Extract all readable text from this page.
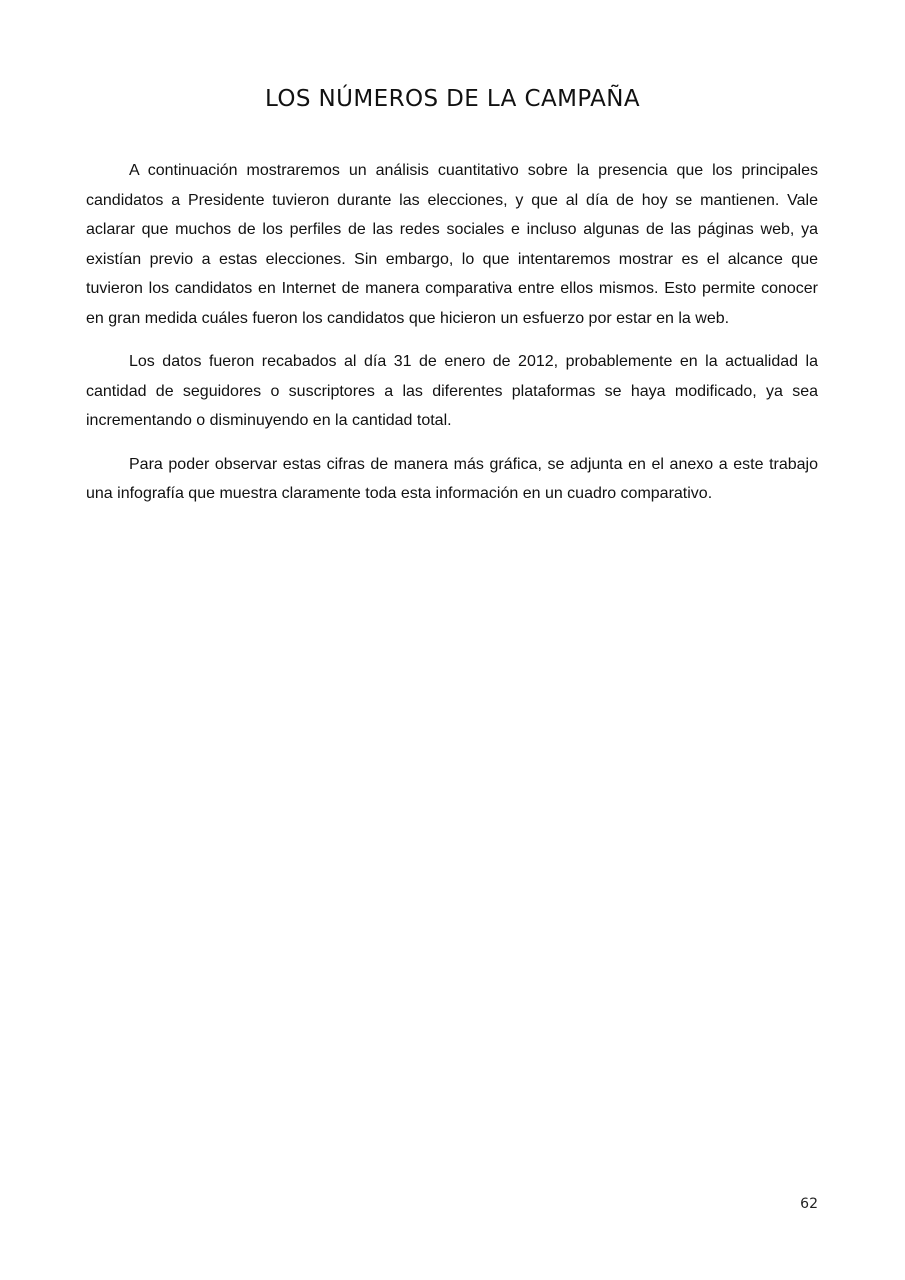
LOS NÚMEROS DE LA CAMPAÑA

A continuación mostraremos un análisis cuantitativo sobre la presencia que los principales candidatos a Presidente tuvieron durante las elecciones, y que al día de hoy se mantienen. Vale aclarar que muchos de los perfiles de las redes sociales e incluso algunas de las páginas web, ya existían previo a estas elecciones. Sin embargo, lo que intentaremos mostrar es el alcance que tuvieron los candidatos en Internet de manera comparativa entre ellos mismos. Esto permite conocer en gran medida cuáles fueron los candidatos que hicieron un esfuerzo por estar en la web.

Los datos fueron recabados al día 31 de enero de 2012, probablemente en la actualidad la cantidad de seguidores o suscriptores a las diferentes plataformas se haya modificado, ya sea incrementando o disminuyendo en la cantidad total.

Para poder observar estas cifras de manera más gráfica, se adjunta en el anexo a este trabajo una infografía que muestra claramente toda esta información en un cuadro comparativo.

62
